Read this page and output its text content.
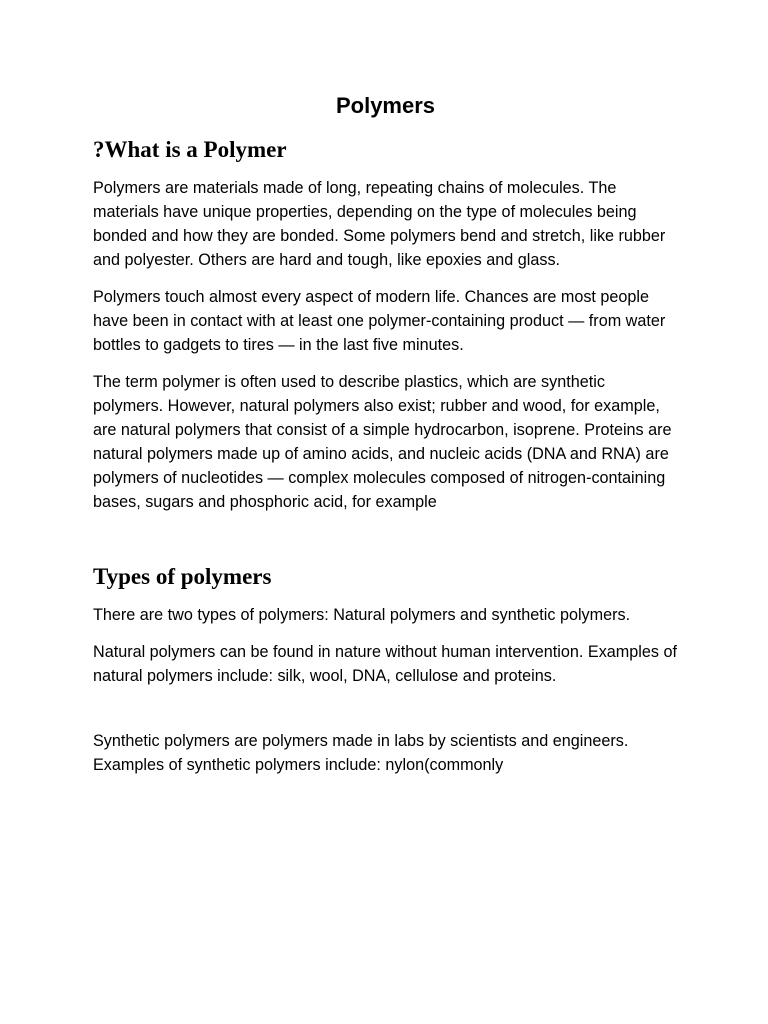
Polymers
?What is a Polymer

Polymers are materials made of long, repeating chains of molecules. The materials have unique properties, depending on the type of molecules being bonded and how they are bonded. Some polymers bend and stretch, like rubber and polyester. Others are hard and tough, like epoxies and glass.

Polymers touch almost every aspect of modern life. Chances are most people have been in contact with at least one polymer-containing product — from water bottles to gadgets to tires — in the last five minutes.

The term polymer is often used to describe plastics, which are synthetic polymers. However, natural polymers also exist; rubber and wood, for example, are natural polymers that consist of a simple hydrocarbon, isoprene. Proteins are natural polymers made up of amino acids, and nucleic acids (DNA and RNA) are polymers of nucleotides — complex molecules composed of nitrogen-containing bases, sugars and phosphoric acid, for example

Types of polymers

There are two types of polymers: Natural polymers and synthetic polymers.

Natural polymers can be found in nature without human intervention. Examples of natural polymers include: silk, wool, DNA, cellulose and proteins.

Synthetic polymers are polymers made in labs by scientists and engineers. Examples of synthetic polymers include: nylon(commonly
